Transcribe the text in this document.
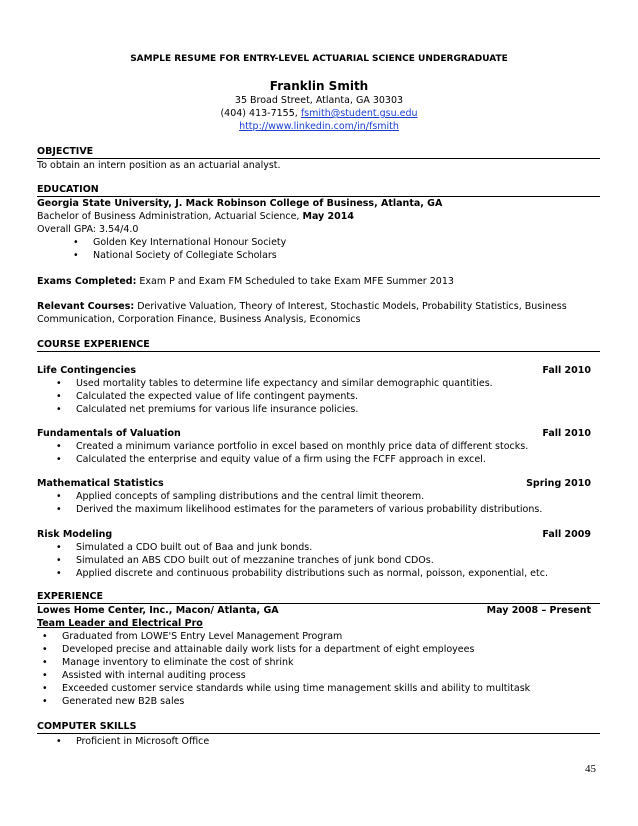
SAMPLE RESUME FOR ENTRY-LEVEL ACTUARIAL SCIENCE UNDERGRADUATE
Franklin Smith
35 Broad Street, Atlanta, GA 30303
(404) 413-7155, fsmith@student.gsu.edu
http://www.linkedin.com/in/fsmith
OBJECTIVE
To obtain an intern position as an actuarial analyst.
EDUCATION
Georgia State University, J. Mack Robinson College of Business, Atlanta, GA
Bachelor of Business Administration, Actuarial Science, May 2014
Overall GPA: 3.54/4.0
• Golden Key International Honour Society
• National Society of Collegiate Scholars
Exams Completed: Exam P and Exam FM Scheduled to take Exam MFE Summer 2013
Relevant Courses: Derivative Valuation, Theory of Interest, Stochastic Models, Probability Statistics, Business
Communication, Corporation Finance, Business Analysis, Economics
COURSE EXPERIENCE
Life Contingencies	Fall 2010
• Used mortality tables to determine life expectancy and similar demographic quantities.
• Calculated the expected value of life contingent payments.
• Calculated net premiums for various life insurance policies.
Fundamentals of Valuation	Fall 2010
• Created a minimum variance portfolio in excel based on monthly price data of different stocks.
• Calculated the enterprise and equity value of a firm using the FCFF approach in excel.
Mathematical Statistics	Spring 2010
• Applied concepts of sampling distributions and the central limit theorem.
• Derived the maximum likelihood estimates for the parameters of various probability distributions.
Risk Modeling	Fall 2009
• Simulated a CDO built out of Baa and junk bonds.
• Simulated an ABS CDO built out of mezzanine tranches of junk bond CDOs.
• Applied discrete and continuous probability distributions such as normal, poisson, exponential, etc.
EXPERIENCE
Lowes Home Center, Inc., Macon/ Atlanta, GA	May 2008 – Present
Team Leader and Electrical Pro
• Graduated from LOWE'S Entry Level Management Program
• Developed precise and attainable daily work lists for a department of eight employees
• Manage inventory to eliminate the cost of shrink
• Assisted with internal auditing process
• Exceeded customer service standards while using time management skills and ability to multitask
• Generated new B2B sales
COMPUTER SKILLS
• Proficient in Microsoft Office
45
